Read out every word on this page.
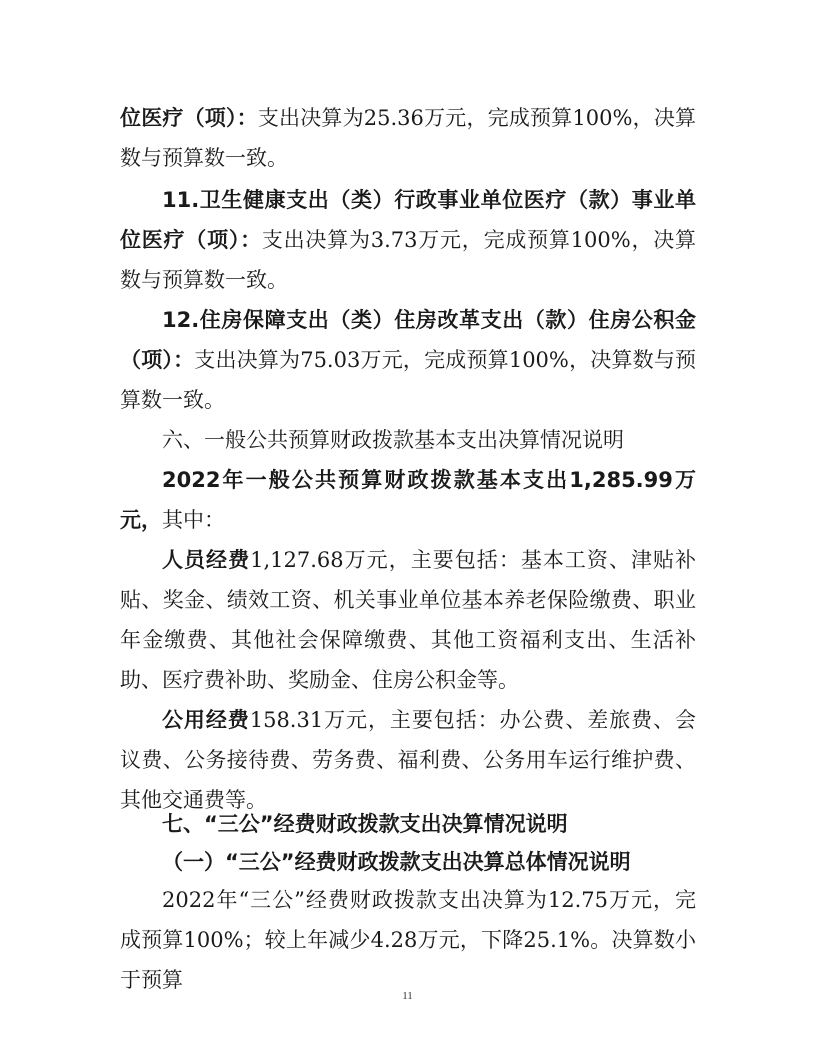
位医疗（项）：支出决算为25.36万元，完成预算100%，决算数与预算数一致。

11.卫生健康支出（类）行政事业单位医疗（款）事业单位医疗（项）：支出决算为3.73万元，完成预算100%，决算数与预算数一致。

12.住房保障支出（类）住房改革支出（款）住房公积金（项）：支出决算为75.03万元，完成预算100%，决算数与预算数一致。

六、一般公共预算财政拨款基本支出决算情况说明

2022年一般公共预算财政拨款基本支出1,285.99万元，其中：

人员经费1,127.68万元，主要包括：基本工资、津贴补贴、奖金、绩效工资、机关事业单位基本养老保险缴费、职业年金缴费、其他社会保障缴费、其他工资福利支出、生活补助、医疗费补助、奖励金、住房公积金等。

公用经费158.31万元，主要包括：办公费、差旅费、会议费、公务接待费、劳务费、福利费、公务用车运行维护费、其他交通费等。

七、“三公”经费财政拨款支出决算情况说明

（一）“三公”经费财政拨款支出决算总体情况说明

2022年“三公”经费财政拨款支出决算为12.75万元，完成预算100%；较上年减少4.28万元，下降25.1%。决算数小于预算

11
